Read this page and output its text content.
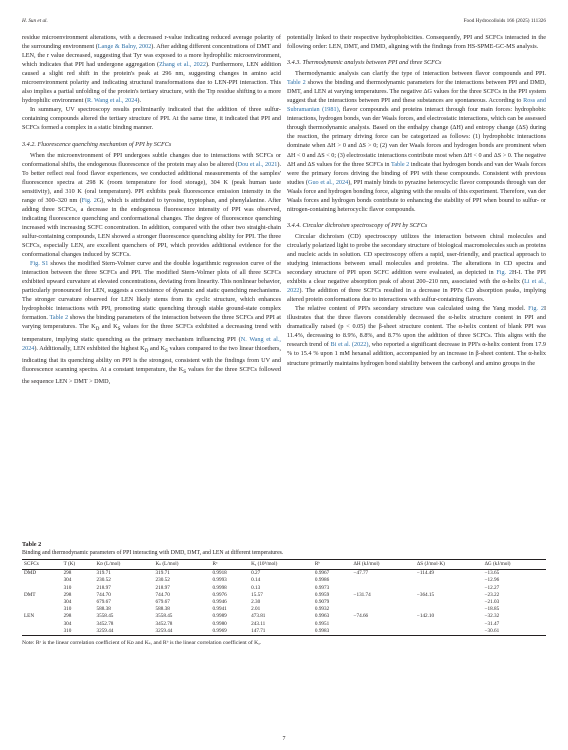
H. Sun et al.	Food Hydrocolloids 166 (2025) 111326

residue microenvironment alterations, with a decreased r-value indicating reduced average polarity of the surrounding environment (Lange & Balny, 2002). After adding different concentrations of DMT and LEN, the r value decreased, suggesting that Tyr was exposed to a more hydrophilic microenvironment, which indicates that PPI had undergone aggregation (Zhang et al., 2022). Furthermore, LEN addition caused a slight red shift in the protein's peak at 296 nm, suggesting changes in amino acid microenvironment polarity and indicating structural transformations due to LEN-PPI interaction. This also implies a partial unfolding of the protein's tertiary structure, with the Trp residue shifting to a more hydrophilic environment (R. Wang et al., 2024).

In summary, UV spectroscopy results preliminarily indicated that the addition of three sulfur-containing compounds altered the tertiary structure of PPI. At the same time, it indicated that PPI and SCFCs formed a complex in a static binding manner.

3.4.2. Fluorescence quenching mechanism of PPI by SCFCs

When the microenvironment of PPI undergoes subtle changes due to interactions with SCFCs or conformational shifts, the endogenous fluorescence of the protein may also be altered (Dou et al., 2021). To better reflect real food flavor experiences, we conducted additional measurements of the samples' fluorescence spectra at 298 K (room temperature for food storage), 304 K (peak human taste sensitivity), and 310 K (oral temperature). PPI exhibits peak fluorescence emission intensity in the range of 300–320 nm (Fig. 2G), which is attributed to tyrosine, tryptophan, and phenylalanine. After adding three SCFCs, a decrease in the endogenous fluorescence intensity of PPI was observed, indicating fluorescence quenching and conformational changes. The degree of fluorescence quenching increased with increasing SCFC concentration. In addition, compared with the other two straight-chain sulfur-containing compounds, LEN showed a stronger fluorescence quenching ability for PPI. The three SCFCs, especially LEN, are excellent quenchers of PPI, which provides additional evidence for the conformational changes induced by SCFCs.

Fig. S1 shows the modified Stern-Volmer curve and the double logarithmic regression curve of the interaction between the three SCFCs and PPI. The modified Stern-Volmer plots of all three SCFCs exhibited upward curvature at elevated concentrations, deviating from linearity. This nonlinear behavior, particularly pronounced for LEN, suggests a coexistence of dynamic and static quenching mechanisms. The stronger curvature observed for LEN likely stems from its cyclic structure, which enhances hydrophobic interactions with PPI, promoting static quenching through stable ground-state complex formation. Table 2 shows the binding parameters of the interaction between the three SCFCs and PPI at varying temperatures. The $K_D$ and $K_S$ values for the three SCFCs exhibited a decreasing trend with temperature, implying static quenching as the primary mechanism influencing PPI (N. Wang et al., 2024). Additionally, LEN exhibited the highest $K_D$ and $K_S$ values compared to the two linear thioethers, indicating that its quenching ability on PPI is the strongest, consistent with the findings from UV and fluorescence scanning spectra. At a constant temperature, the $K_S$ values for the three SCFCs followed the sequence LEN > DMT > DMD,

potentially linked to their respective hydrophobicities. Consequently, PPI and SCFCs interacted in the following order: LEN, DMT, and DMD, aligning with the findings from HS-SPME-GC-MS analysis.

3.4.3. Thermodynamic analysis between PPI and three SCFCs

Thermodynamic analysis can clarify the type of interaction between flavor compounds and PPI. Table 2 shows the binding and thermodynamic parameters for the interactions between PPI and DMD, DMT, and LEN at varying temperatures. The negative ΔG values for the three SCFCs in the PPI system suggest that the interactions between PPI and these substances are spontaneous. According to Ross and Subramanian (1981), flavor compounds and proteins interact through four main forces: hydrophobic interactions, hydrogen bonds, van der Waals forces, and electrostatic interactions, which can be assessed through thermodynamic analysis. Based on the enthalpy change (ΔH) and entropy change (ΔS) during the reaction, the primary driving force can be categorized as follows: (1) hydrophobic interactions dominate when ΔH > 0 and ΔS > 0; (2) van der Waals forces and hydrogen bonds are prominent when ΔH < 0 and ΔS < 0; (3) electrostatic interactions contribute most when ΔH < 0 and ΔS > 0. The negative ΔH and ΔS values for the three SCFCs in Table 2 indicate that hydrogen bonds and van der Waals forces were the primary forces driving the binding of PPI with these compounds. Consistent with previous studies (Guo et al., 2024), PPI mainly binds to pyrazine heterocyclic flavor compounds through van der Waals force and hydrogen bonding force, aligning with the results of this experiment. Therefore, van der Waals forces and hydrogen bonds contribute to enhancing the stability of PPI when bound to sulfur- or nitrogen-containing heterocyclic flavor compounds.

3.4.4. Circular dichroism spectroscopy of PPI by SCFCs

Circular dichroism (CD) spectroscopy utilizes the interaction between chiral molecules and circularly polarized light to probe the secondary structure of biological macromolecules such as proteins and nucleic acids in solution. CD spectroscopy offers a rapid, user-friendly, and practical approach to studying interactions between small molecules and proteins. The alterations in CD spectra and secondary structure of PPI upon SCFC addition were evaluated, as depicted in Fig. 2H-I. The PPI exhibits a clear negative absorption peak of about 200–210 nm, associated with the α-helix (Li et al., 2022). The addition of three SCFCs resulted in a decrease in PPI's CD absorption peaks, implying altered protein conformations due to interactions with sulfur-containing flavors.

The relative content of PPI's secondary structure was calculated using the Yang model. Fig. 2I illustrates that the three flavors considerably decreased the α-helix structure content in PPI and dramatically raised (p < 0.05) the β-sheet structure content. The α-helix content of blank PPI was 11.4%, decreasing to 8.9%, 8.8%, and 8.7% upon the addition of three SCFCs. This aligns with the research trend of Bi et al. (2022), who reported a significant decrease in PPI's α-helix content from 17.9 % to 15.4 % upon 1 mM hexanal addition, accompanied by an increase in β-sheet content. The α-helix structure primarily maintains hydrogen bond stability between the carbonyl and amino groups in the

Table 2
Binding and thermodynamic parameters of PPI interacting with DMD, DMT, and LEN at different temperatures.
SCFCs	T (K)	Kᴅ (L/mol)	Kₛ (L/mol)	Rᵃ	Kₐ (10³/mol)	Rᵇ	ΔH (kJ/mol)	ΔS (J/mol·K)	ΔG (kJ/mol)
DMD	298	319.71	319.71	0.9918	0.27	0.9967	−47.77	−114.49	−13.65
	304	230.52	230.52	0.9993	0.14	0.9986			−12.96
	310	218.97	218.97	0.9998	0.13	0.9973			−12.27
DMT	298	744.70	744.70	0.9976	15.57	0.9959	−131.74	−364.15	−23.22
	304	679.67	679.67	0.9946	2.30	0.9079			−21.03
	310	588.38	588.38	0.9941	2.01	0.9932			−18.85
LEN	298	3558.45	3558.45	0.9989	473.81	0.9963	−74.66	−142.10	−32.32
	304	3452.78	3452.78	0.9980	243.11	0.9951			−31.47
	310	3259.44	3259.44	0.9969	147.71	0.9983			−30.61
Note: Rᵃ is the linear correlation coefficient of Kᴅ and Kₛ, and Rᵇ is the linear correlation coefficient of Kₐ.
7
